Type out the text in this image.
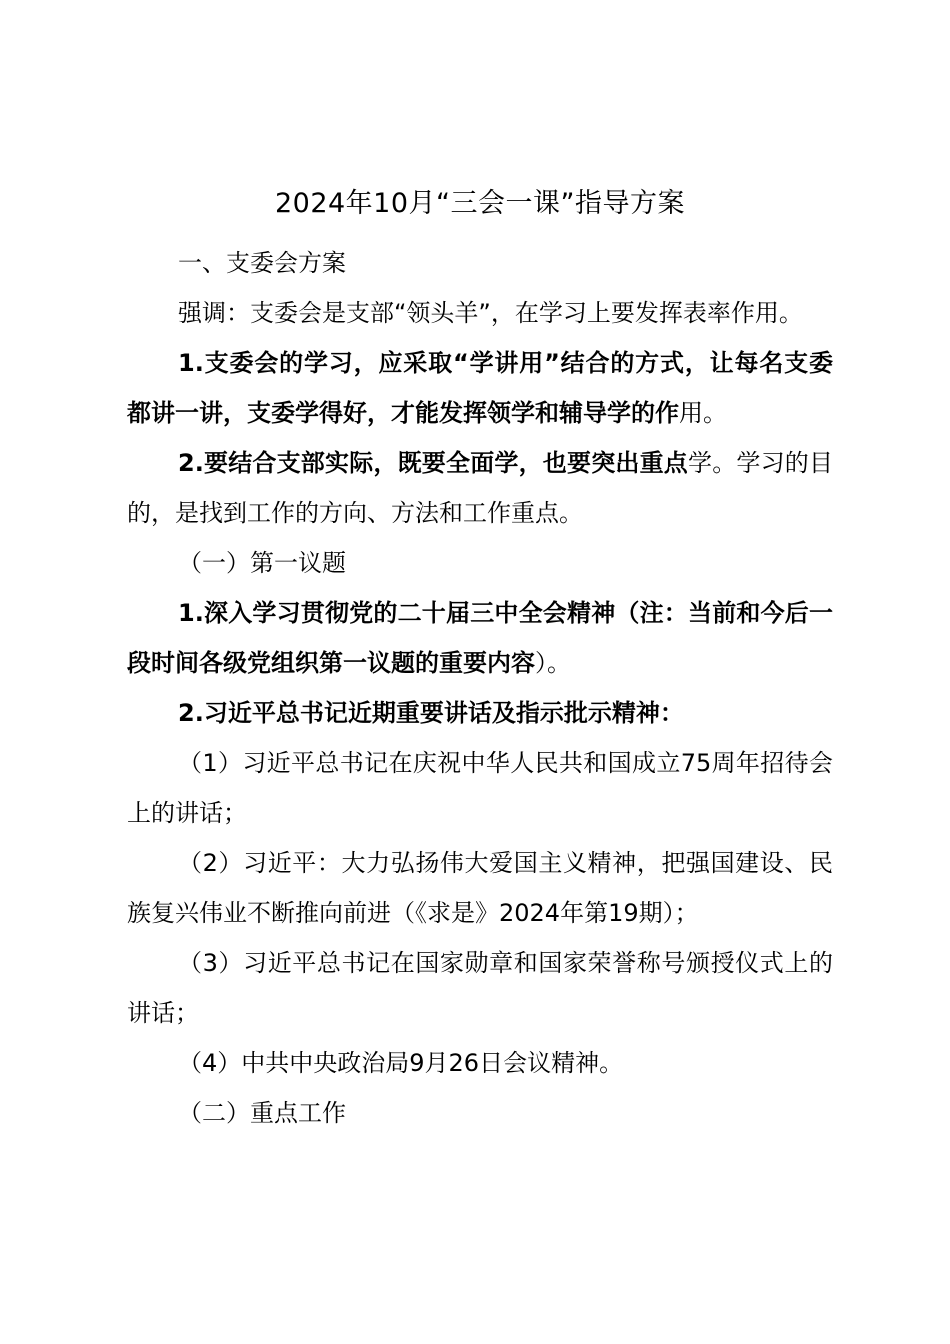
2024年10月“三会一课”指导方案

一、支委会方案

强调：支委会是支部“领头羊”，在学习上要发挥表率作用。

1.支委会的学习，应采取“学讲用”结合的方式，让每名支委都讲一讲，支委学得好，才能发挥领学和辅导学的作用。

2.要结合支部实际，既要全面学，也要突出重点学。学习的目的，是找到工作的方向、方法和工作重点。

（一）第一议题

1.深入学习贯彻党的二十届三中全会精神（注：当前和今后一段时间各级党组织第一议题的重要内容）。

2.习近平总书记近期重要讲话及指示批示精神：

（1）习近平总书记在庆祝中华人民共和国成立75周年招待会上的讲话；

（2）习近平：大力弘扬伟大爱国主义精神，把强国建设、民族复兴伟业不断推向前进（《求是》2024年第19期）；

（3）习近平总书记在国家勋章和国家荣誉称号颁授仪式上的讲话；

（4）中共中央政治局9月26日会议精神。

（二）重点工作
